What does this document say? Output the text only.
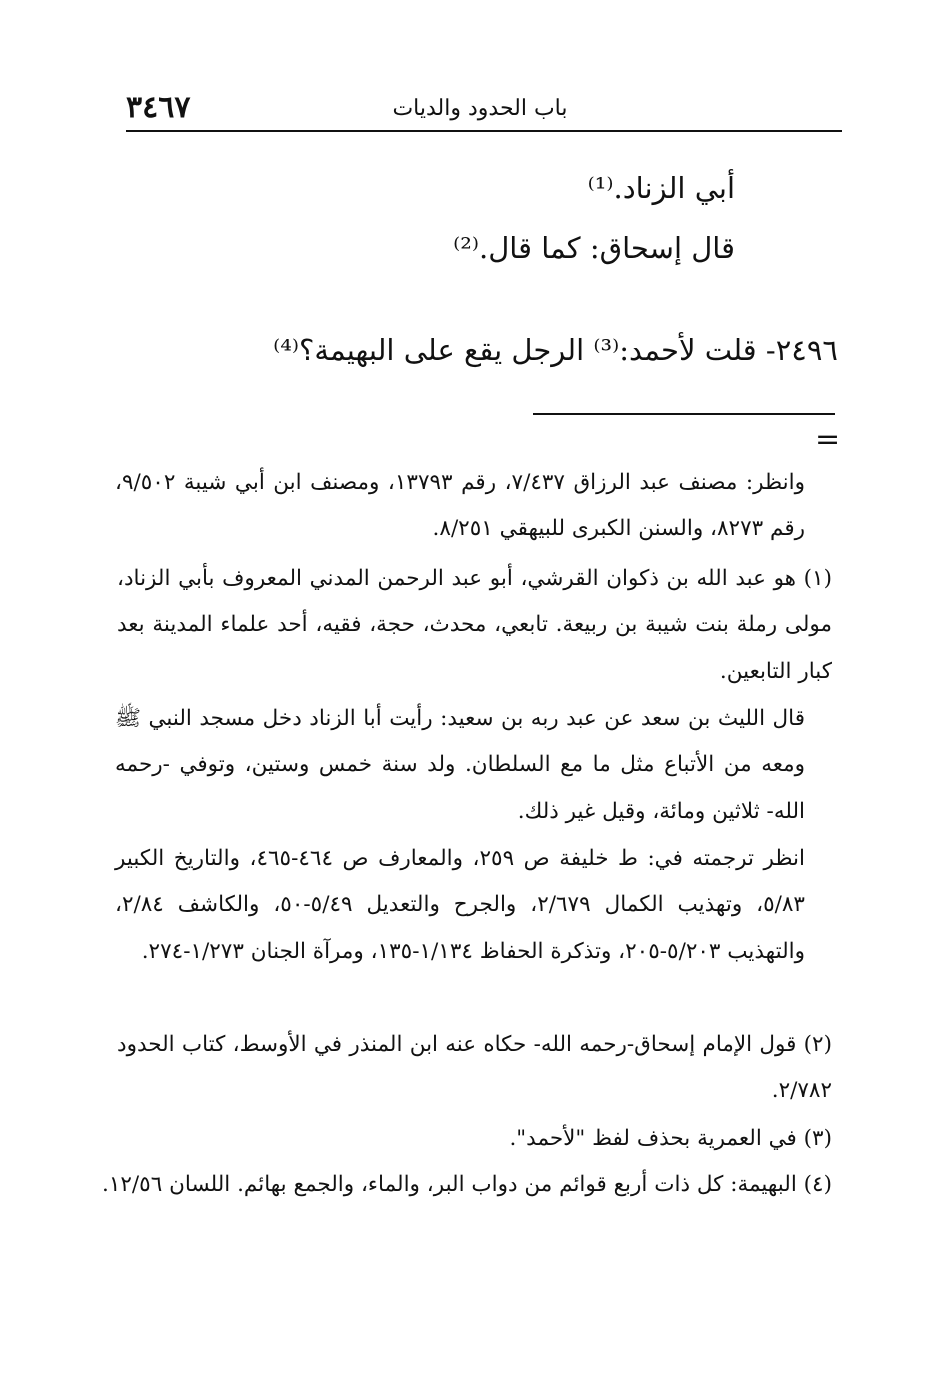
٣٤٦٧	باب الحدود والديات
أبي الزناد.⁽¹⁾
قال إسحاق: كما قال.⁽²⁾
٢٤٩٦- قلت لأحمد:⁽³⁾ الرجل يقع على البهيمة؟⁽⁴⁾
=
وانظر: مصنف عبد الرزاق ٧/٤٣٧، رقم ١٣٧٩٣، ومصنف ابن أبي شيبة ٩/٥٠٢، رقم ٨٢٧٣، والسنن الكبرى للبيهقي ٨/٢٥١.
(١) هو عبد الله بن ذكوان القرشي، أبو عبد الرحمن المدني المعروف بأبي الزناد، مولى رملة بنت شيبة بن ربيعة. تابعي، محدث، حجة، فقيه، أحد علماء المدينة بعد كبار التابعين.
قال الليث بن سعد عن عبد ربه بن سعيد: رأيت أبا الزناد دخل مسجد النبي ﷺ ومعه من الأتباع مثل ما مع السلطان. ولد سنة خمس وستين، وتوفي -رحمه الله- ثلاثين ومائة، وقيل غير ذلك.
انظر ترجمته في: ط خليفة ص ٢٥٩، والمعارف ص ٤٦٤-٤٦٥، والتاريخ الكبير ٥/٨٣، وتهذيب الكمال ٢/٦٧٩، والجرح والتعديل ٥/٤٩-٥٠، والكاشف ٢/٨٤، والتهذيب ٥/٢٠٣-٢٠٥، وتذكرة الحفاظ ١/١٣٤-١٣٥، ومرآة الجنان ١/٢٧٣-٢٧٤.
(٢) قول الإمام إسحاق-رحمه الله- حكاه عنه ابن المنذر في الأوسط، كتاب الحدود ٢/٧٨٢.
(٣) في العمرية بحذف لفظ "لأحمد".
(٤) البهيمة: كل ذات أربع قوائم من دواب البر، والماء، والجمع بهائم. اللسان ١٢/٥٦.
